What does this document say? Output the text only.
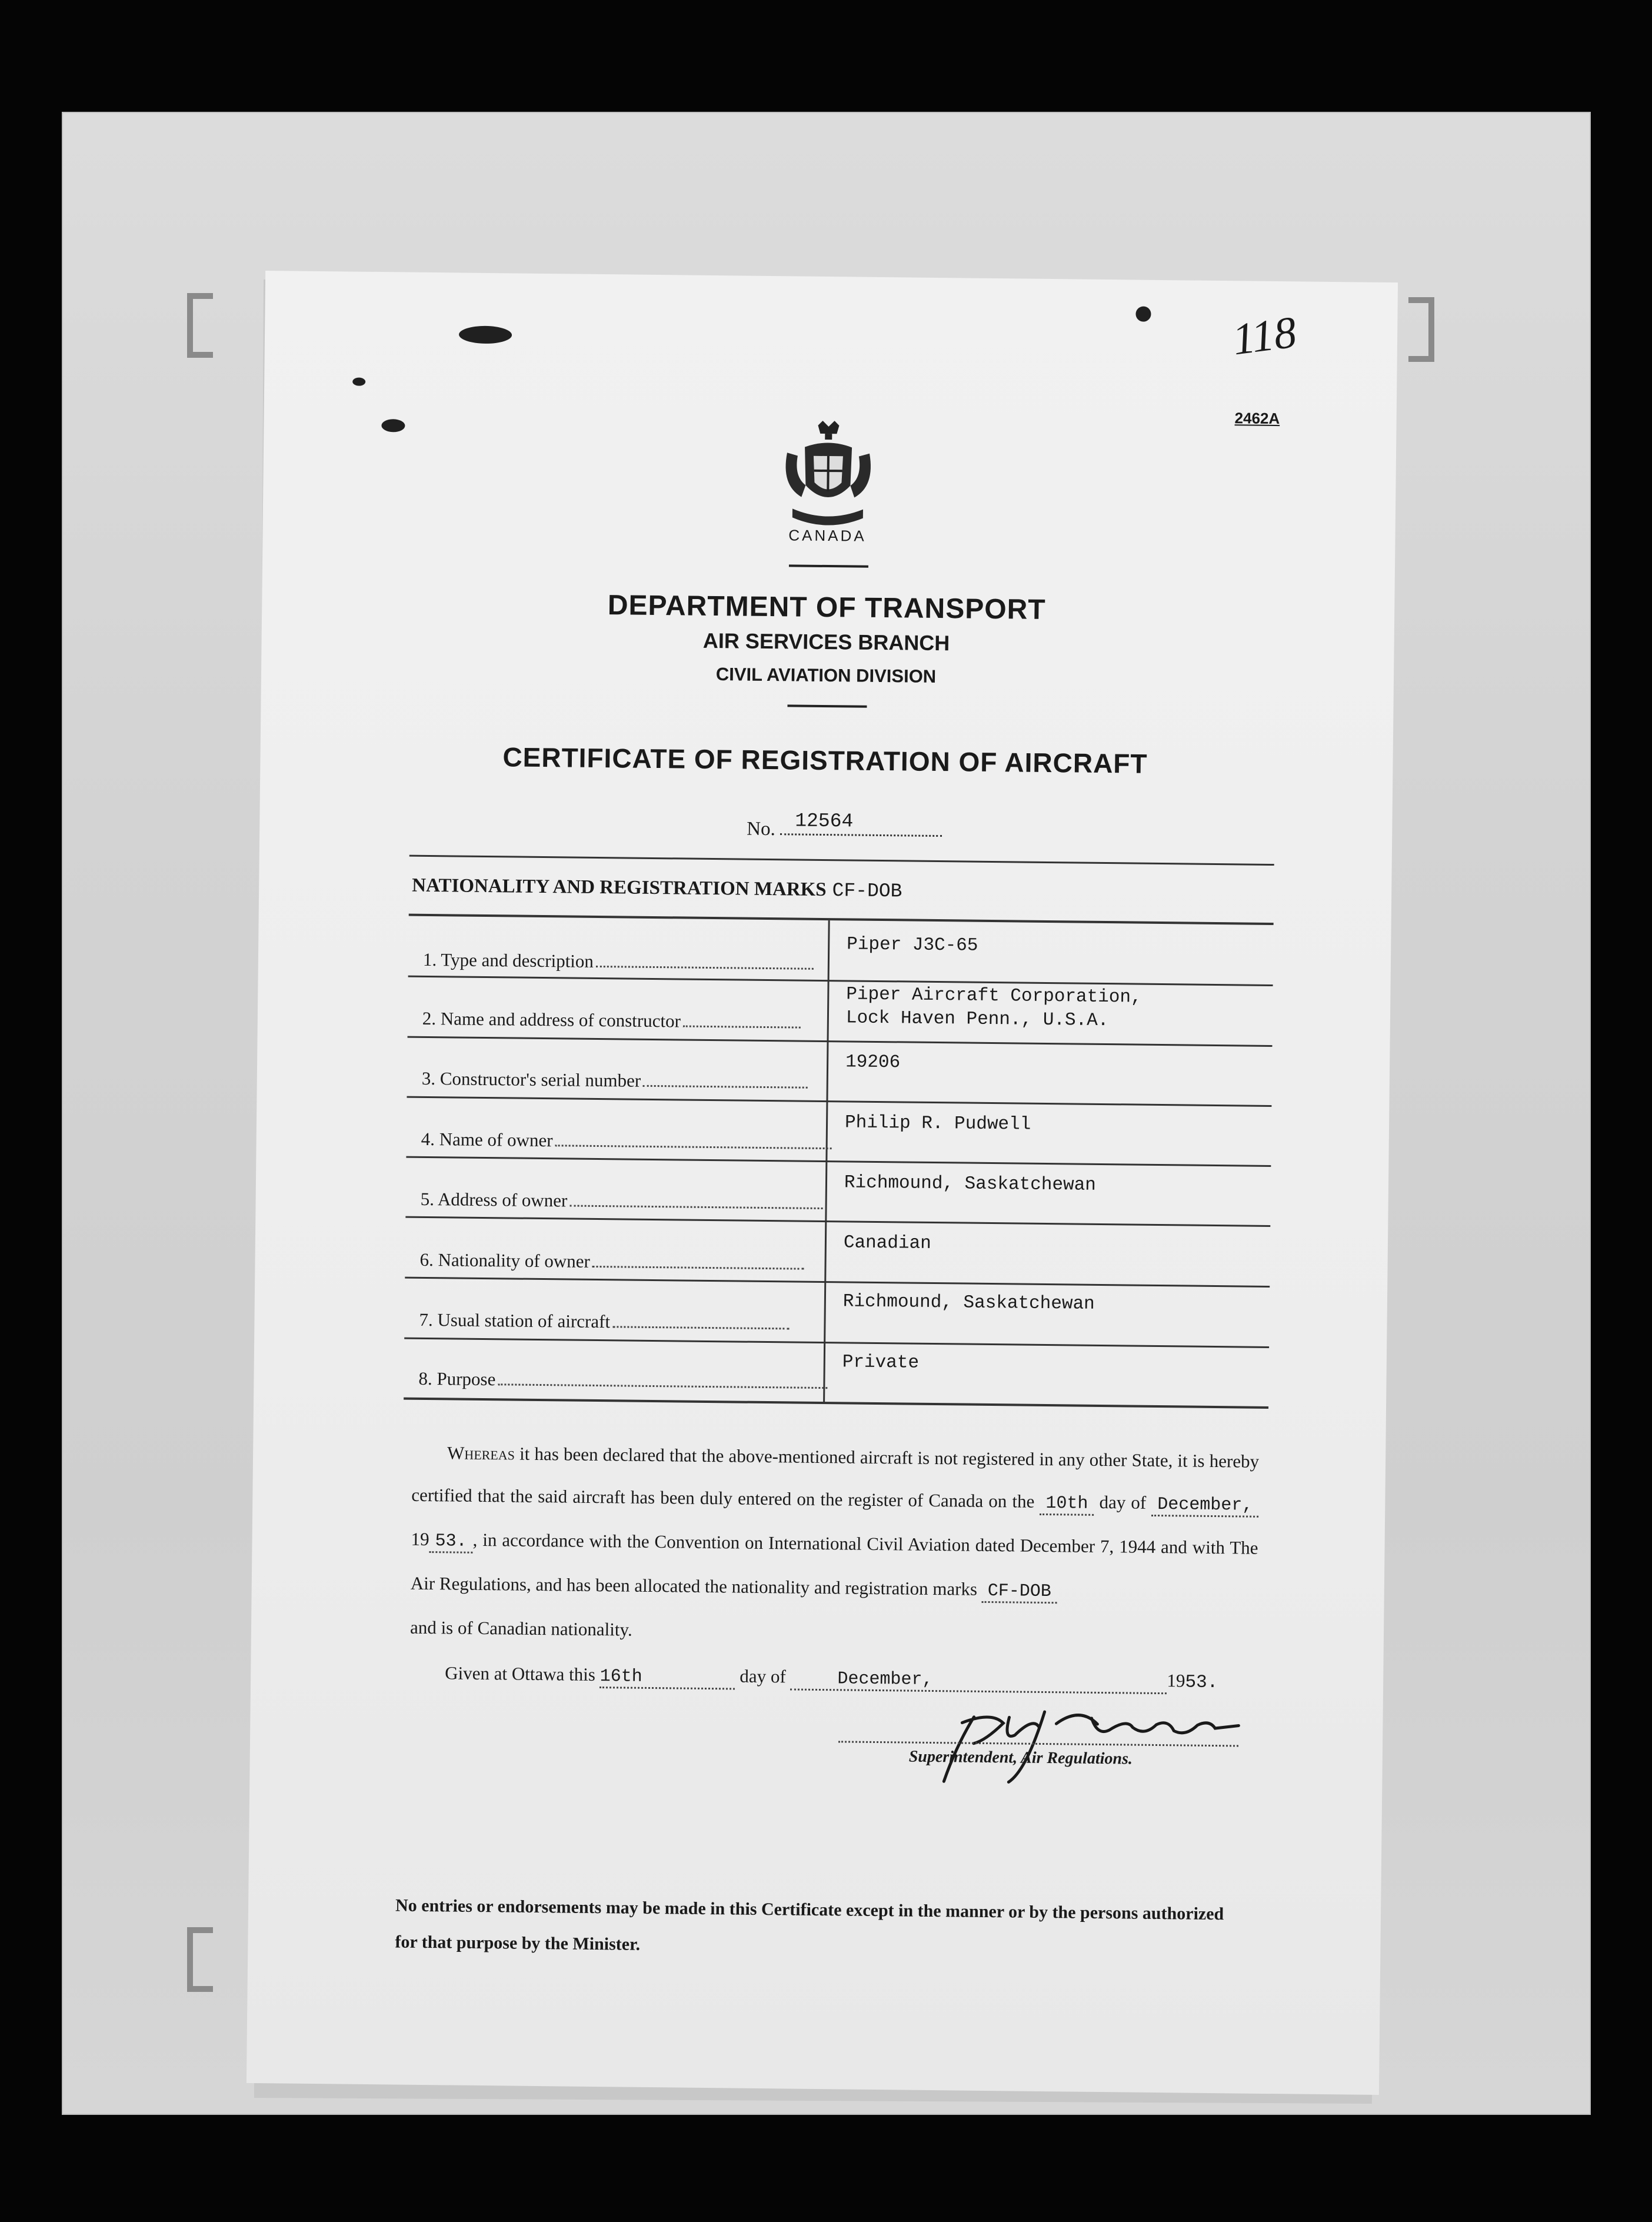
118
2462A
CANADA
DEPARTMENT OF TRANSPORT
AIR SERVICES BRANCH
CIVIL AVIATION DIVISION
CERTIFICATE OF REGISTRATION OF AIRCRAFT
No. 12564
NATIONALITY AND REGISTRATION MARKS CF-DOB
1. Type and description
Piper J3C-65
2. Name and address of constructor
Piper Aircraft Corporation,
Lock Haven Penn., U.S.A.
3. Constructor's serial number
19206
4. Name of owner
Philip R. Pudwell
5. Address of owner
Richmound, Saskatchewan
6. Nationality of owner
Canadian
7. Usual station of aircraft
Richmound, Saskatchewan
8. Purpose
Private
Whereas it has been declared that the above-mentioned aircraft is not registered in any other State, it is hereby certified that the said aircraft has been duly entered on the register of Canada on the 10th day of December, 19 53. , in accordance with the Convention on International Civil Aviation dated December 7, 1944 and with The Air Regulations, and has been allocated the nationality and registration marks CF-DOB
and is of Canadian nationality.
Given at Ottawa this 16th	day of	December,	1953.
Superintendent, Air Regulations.
No entries or endorsements may be made in this Certificate except in the manner or by the persons authorized for that purpose by the Minister.
